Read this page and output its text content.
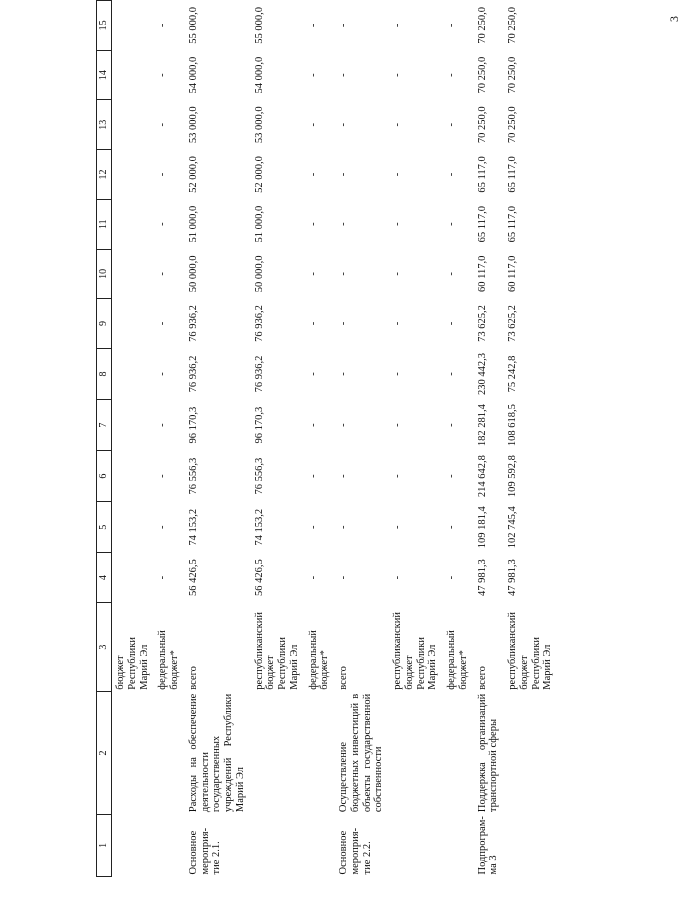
3
1	2	3	4	5	6	7	8	9	10	11	12	13	14	15
		бюджет Республики Марий Эл												
		федеральный бюджет*	-	-	-	-	-	-	-	-	-	-	-	-
Основное мероприя- тие 2.1.	Расходы на обеспечение деятельности государственных учреждений Республики Марий Эл	всего	56 426,5	74 153,2	76 556,3	96 170,3	76 936,2	76 936,2	50 000,0	51 000,0	52 000,0	53 000,0	54 000,0	55 000,0
		республиканский бюджет Республики Марий Эл	56 426,5	74 153,2	76 556,3	96 170,3	76 936,2	76 936,2	50 000,0	51 000,0	52 000,0	53 000,0	54 000,0	55 000,0
		федеральный бюджет*	-	-	-	-	-	-	-	-	-	-	-	-
Основное мероприя- тие 2.2.	Осуществление бюджетных инвестиций в объекты государственной собственности	всего	-	-	-	-	-	-	-	-	-	-	-	-
		республиканский бюджет Республики Марий Эл	-	-	-	-	-	-	-	-	-	-	-	-
		федеральный бюджет*	-	-	-	-	-	-	-	-	-	-	-	-
Подпрограм- ма 3	Поддержка организаций транспортной сферы	всего	47 981,3	109 181,4	214 642,8	182 281,4	230 442,3	73 625,2	60 117,0	65 117,0	65 117,0	70 250,0	70 250,0	70 250,0
		республиканский бюджет Республики Марий Эл	47 981,3	102 745,4	109 592,8	108 618,5	75 242,8	73 625,2	60 117,0	65 117,0	65 117,0	70 250,0	70 250,0	70 250,0
